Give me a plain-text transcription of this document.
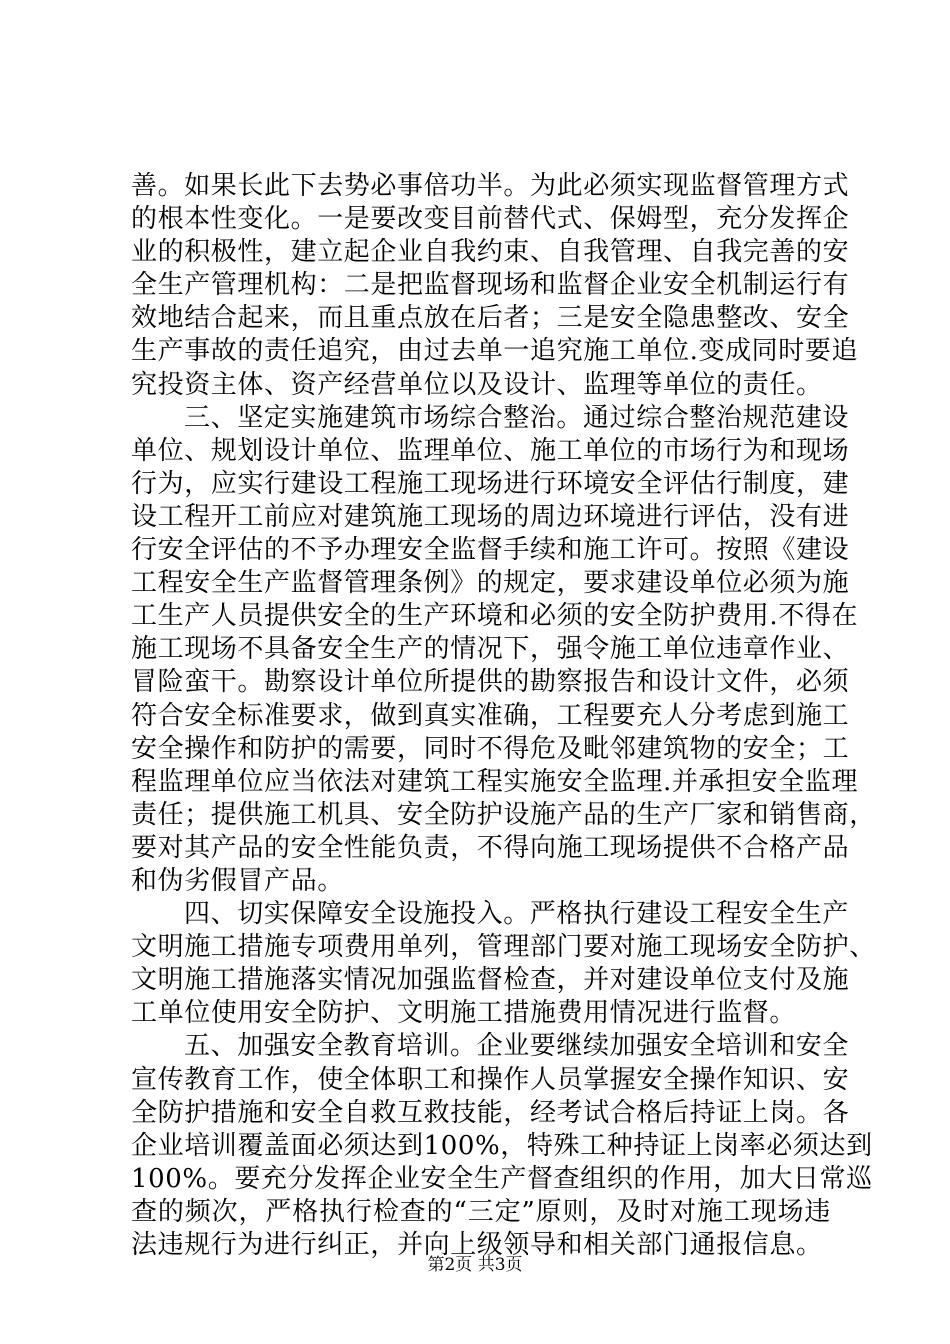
善。如果长此下去势必事倍功半。为此必须实现监督管理方式
的根本性变化。一是要改变目前替代式、保姆型，充分发挥企
业的积极性，建立起企业自我约束、自我管理、自我完善的安
全生产管理机构：二是把监督现场和监督企业安全机制运行有
效地结合起来，而且重点放在后者；三是安全隐患整改、安全
生产事故的责任追究，由过去单一追究施工单位.变成同时要追
究投资主体、资产经营单位以及设计、监理等单位的责任。
三、坚定实施建筑市场综合整治。通过综合整治规范建设
单位、规划设计单位、监理单位、施工单位的市场行为和现场
行为，应实行建设工程施工现场进行环境安全评估行制度，建
设工程开工前应对建筑施工现场的周边环境进行评估，没有进
行安全评估的不予办理安全监督手续和施工许可。按照《建设
工程安全生产监督管理条例》的规定，要求建设单位必须为施
工生产人员提供安全的生产环境和必须的安全防护费用.不得在
施工现场不具备安全生产的情况下，强令施工单位违章作业、
冒险蛮干。勘察设计单位所提供的勘察报告和设计文件，必须
符合安全标准要求，做到真实准确，工程要充人分考虑到施工
安全操作和防护的需要，同时不得危及毗邻建筑物的安全；工
程监理单位应当依法对建筑工程实施安全监理.并承担安全监理
责任；提供施工机具、安全防护设施产品的生产厂家和销售商，
要对其产品的安全性能负责，不得向施工现场提供不合格产品
和伪劣假冒产品。
四、切实保障安全设施投入。严格执行建设工程安全生产
文明施工措施专项费用单列，管理部门要对施工现场安全防护、
文明施工措施落实情况加强监督检查，并对建设单位支付及施
工单位使用安全防护、文明施工措施费用情况进行监督。
五、加强安全教育培训。企业要继续加强安全培训和安全
宣传教育工作，使全体职工和操作人员掌握安全操作知识、安
全防护措施和安全自救互救技能，经考试合格后持证上岗。各
企业培训覆盖面必须达到100%，特殊工种持证上岗率必须达到
100%。要充分发挥企业安全生产督查组织的作用，加大日常巡
查的频次，严格执行检查的“三定”原则，及时对施工现场违
法违规行为进行纠正，并向上级领导和相关部门通报信息。
第2页 共3页
